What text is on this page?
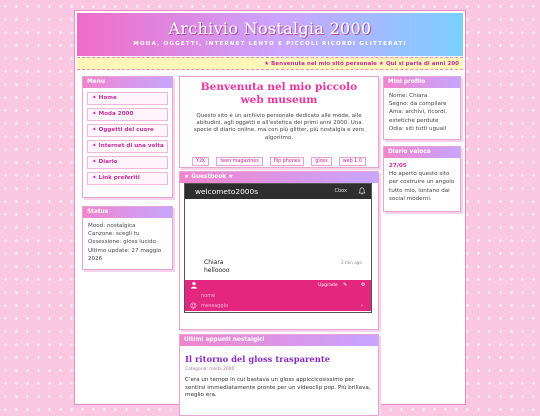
Archivio Nostalgia 2000
MODA, OGGETTI, INTERNET LENTO E PICCOLI RICORDI GLITTERATI
★ Benvenuta nel mio sito personale ★ Qui si parla di anni 200
Menu
✦ Home
✦ Moda 2000
✦ Oggetti del cuore
✦ Internet di una volta
✦ Diario
✦ Link preferiti
Status
Mood: nostalgica
Canzone: scegli tu
Ossessione: gloss lucido
Ultimo update: 27 maggio
2026
Benvenuta nel mio piccolo web museum
Questo sito è un archivio personale dedicato alle mode, alle abitudini, agli oggetti e all'estetica dei primi anni 2000. Una specie di diario online, ma con più glitter, più nostalgia e zero algoritmo.
Y2K	teen magazines	flip phones	gloss	web 1.0
★ Guestbook ★
welcometo2000s	Cbox
Chiara
helloooo
2 min ago
Upgrade ✎	⚙
nome
☺ messaggio	›
Ultimi appunti nostalgici
Il ritorno del gloss trasparente
Categoria: moda 2000
C'era un tempo in cui bastava un gloss appiccicosissimo per sentirsi immediatamente pronte per un videoclip pop. Più brillava, meglio era.
Mini profilo
Nome: Chiara
Segno: da compilare
Ama: archivi, ricordi, estetiche perdute
Odia: siti tutti uguali
Diario veloce
27/05
Ho aperto questo sito per costruire un angolo tutto mio, lontano dai social moderni.
